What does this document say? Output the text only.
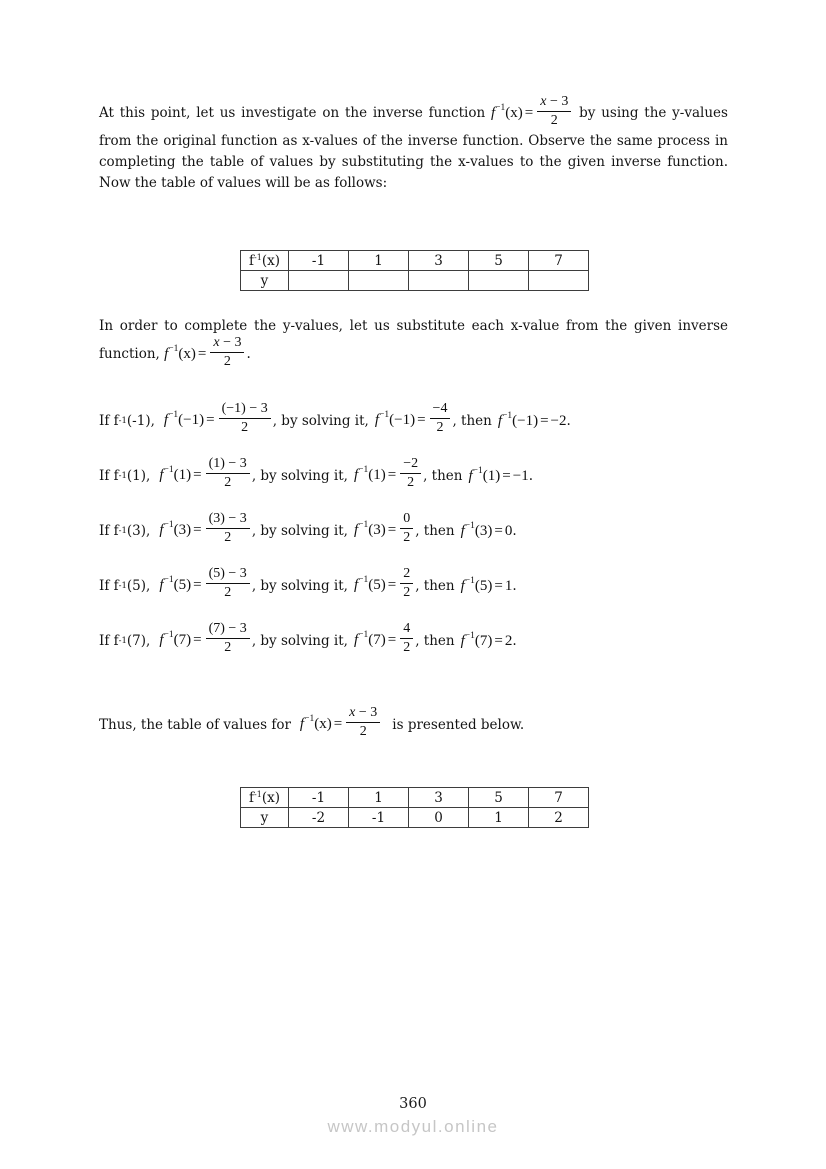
At this point, let us investigate on the inverse function $f^{-1}(x) = \frac{x - 3}{2}$ by using the y-values from the original function as x-values of the inverse function. Observe the same process in completing the table of values by substituting the x-values to the given inverse function. Now the table of values will be as follows:

$f^{-1}(x)$	-1	1	3	5	7
y					

In order to complete the y-values, let us substitute each x-value from the given inverse function, $f^{-1}(x) = \frac{x - 3}{2}$ .

If f -1 (-1), $f^{-1}(-1) = \frac{(-1) - 3}{2}$ , by solving it, $f^{-1}(-1) = \frac{-4}{2}$ , then $f^{-1}(-1) = -2$ .
If f -1 (1), $f^{-1}(1) = \frac{(1) - 3}{2}$ , by solving it, $f^{-1}(1) = \frac{-2}{2}$ , then $f^{-1}(1) = -1$ .
If f -1 (3), $f^{-1}(3) = \frac{(3) - 3}{2}$ , by solving it, $f^{-1}(3) = \frac{0}{2}$ , then $f^{-1}(3) = 0$ .
If f -1 (5), $f^{-1}(5) = \frac{(5) - 3}{2}$ , by solving it, $f^{-1}(5) = \frac{2}{2}$ , then $f^{-1}(5) = 1$ .
If f -1 (7), $f^{-1}(7) = \frac{(7) - 3}{2}$ , by solving it, $f^{-1}(7) = \frac{4}{2}$ , then $f^{-1}(7) = 2$ .
Thus, the table of values for $f^{-1}(x) = \frac{x - 3}{2}$ is presented below.
$f^{-1}(x)$	-1	1	3	5	7
y	-2	-1	0	1	2
360
www.modyul.online
